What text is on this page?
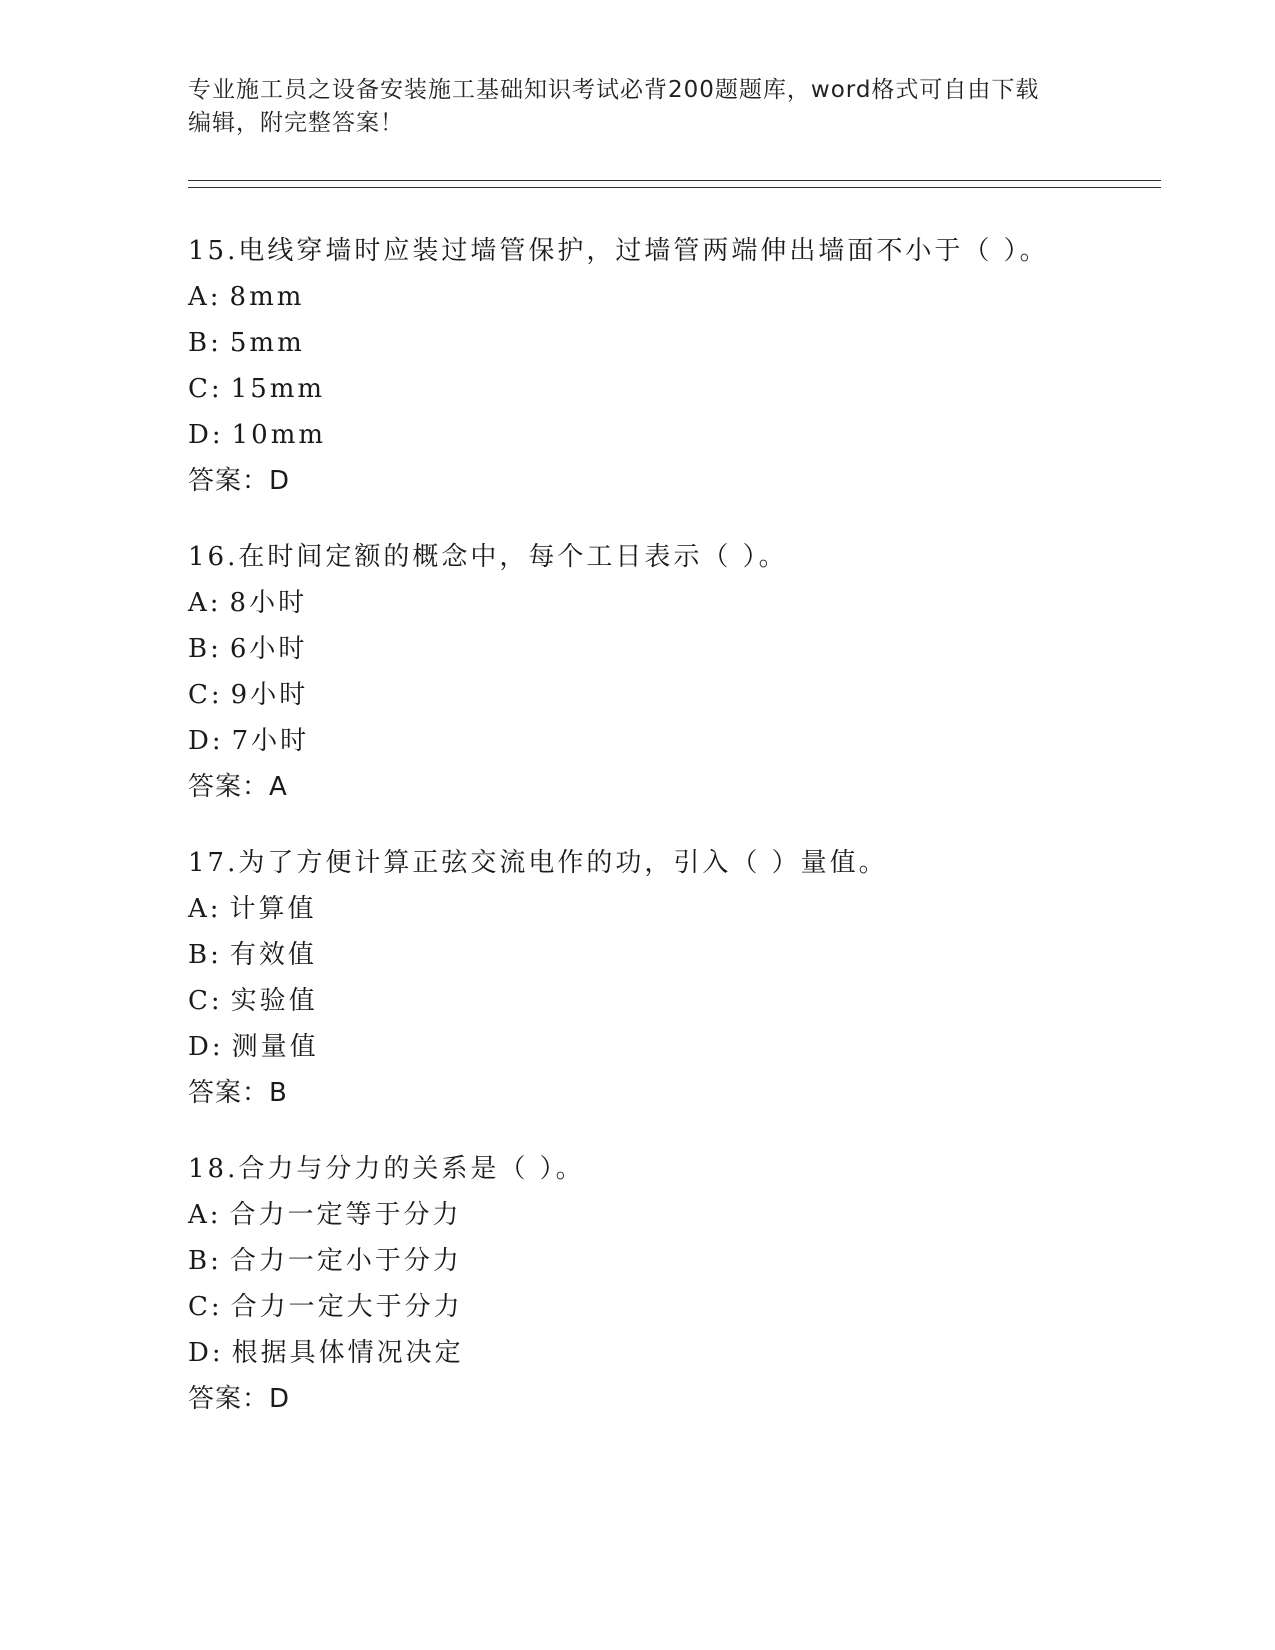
专业施工员之设备安装施工基础知识考试必背200题题库，word格式可自由下载
编辑，附完整答案！
15.电线穿墙时应装过墙管保护，过墙管两端伸出墙面不小于（ ）。
A: 8mm
B: 5mm
C: 15mm
D: 10mm
答案：D
16.在时间定额的概念中，每个工日表示（ ）。
A: 8小时
B: 6小时
C: 9小时
D: 7小时
答案：A
17.为了方便计算正弦交流电作的功，引入（ ）量值。
A: 计算值
B: 有效值
C: 实验值
D: 测量值
答案：B
18.合力与分力的关系是（ ）。
A: 合力一定等于分力
B: 合力一定小于分力
C: 合力一定大于分力
D: 根据具体情况决定
答案：D
